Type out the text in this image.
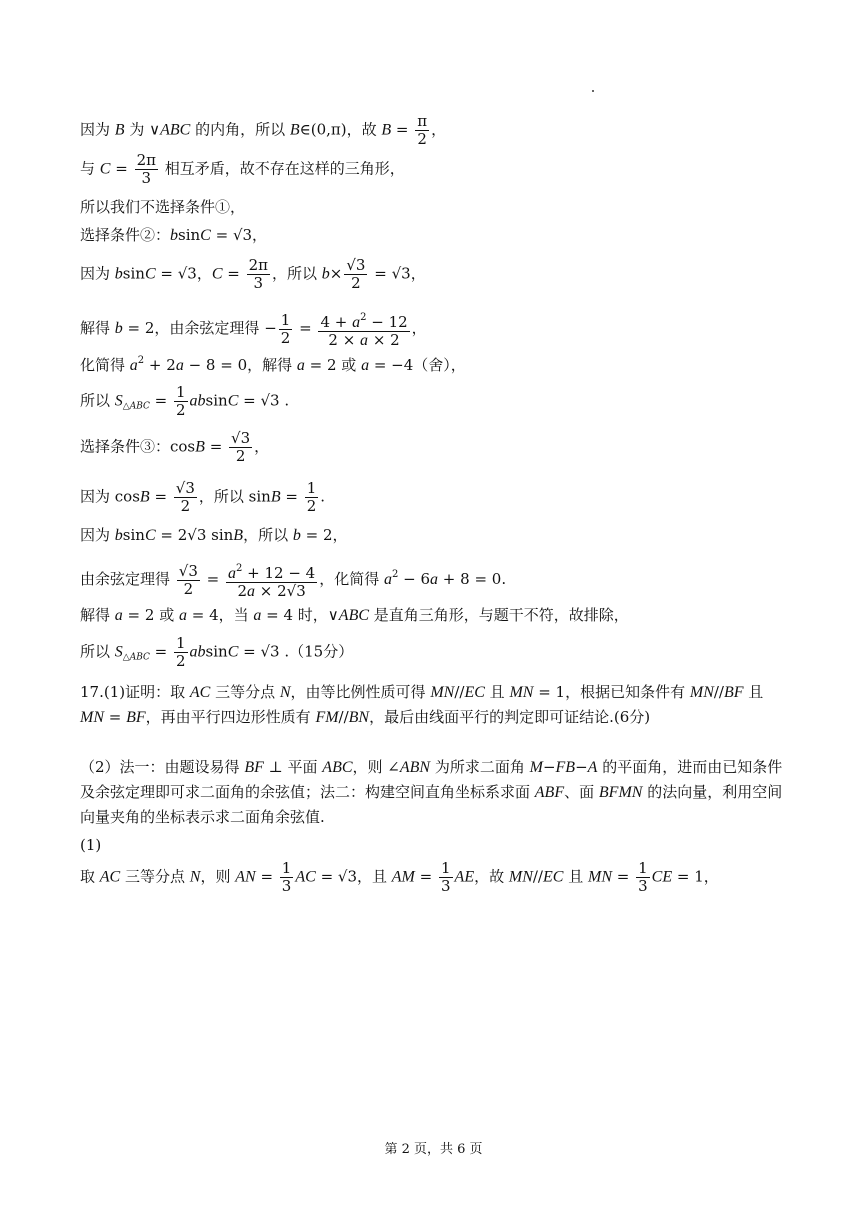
因为 B 为 ∨ABC 的内角，所以 B∈(0,π)，故 $B = \frac{\pi}{2}$ ，
与 $C = \frac{2\pi}{3}$ 相互矛盾，故不存在这样的三角形，
所以我们不选择条件①，
选择条件②：bsinC = √3，
因为 bsinC = √3，$C = \frac{2\pi}{3}$ ，所以 $b\times \frac{√3}{2} = √3$，
解得 b = 2，由余弦定理得 − $\frac{1}{2} = \frac{4 + a^2 - 12}{2 \times a \times 2}$ ，
化简得 $a^2 + 2a - 8 = 0$，解得 a = 2 或 a = −4（舍），
所以 $S_{\triangle ABC} = \frac{1}{2}$ absinC = √3 .
选择条件③：$\cos B = \frac{√3}{2}$ ，
因为 $\cos B = \frac{√3}{2}$ ，所以 $\sin B = \frac{1}{2}$ .
因为 bsinC = 2√3 sinB，所以 b = 2，
由余弦定理得 $\frac{√3}{2} = \frac{a^2 + 12 - 4}{2a \times 2√3}$ ，化简得 $a^2 - 6a + 8 = 0$.
解得 a = 2 或 a = 4，当 a = 4 时，∨ABC 是直角三角形，与题干不符，故排除，
所以 $S_{\triangle ABC} = \frac{1}{2}$ absinC = √3 .（15分）
17.(1)证明：取 AC 三等分点 N，由等比例性质可得 MN//EC 且 MN = 1，根据已知条件有 MN//BF 且 MN = BF，再由平行四边形性质有 FM//BN，最后由线面平行的判定即可证结论.(6分)
（2）法一：由题设易得 BF ⊥ 平面 ABC，则 ∠ABN 为所求二面角 M−FB−A 的平面角，进而由已知条件及余弦定理即可求二面角的余弦值；法二：构建空间直角坐标系求面 ABF、面 BFMN 的法向量，利用空间向量夹角的坐标表示求二面角余弦值.
(1)
取 AC 三等分点 N，则 AN = $\frac{1}{3}$ AC = √3，且 AM = $\frac{1}{3}$ AE，故 MN//EC 且 MN = $\frac{1}{3}$ CE = 1，
第 2 页，共 6 页
